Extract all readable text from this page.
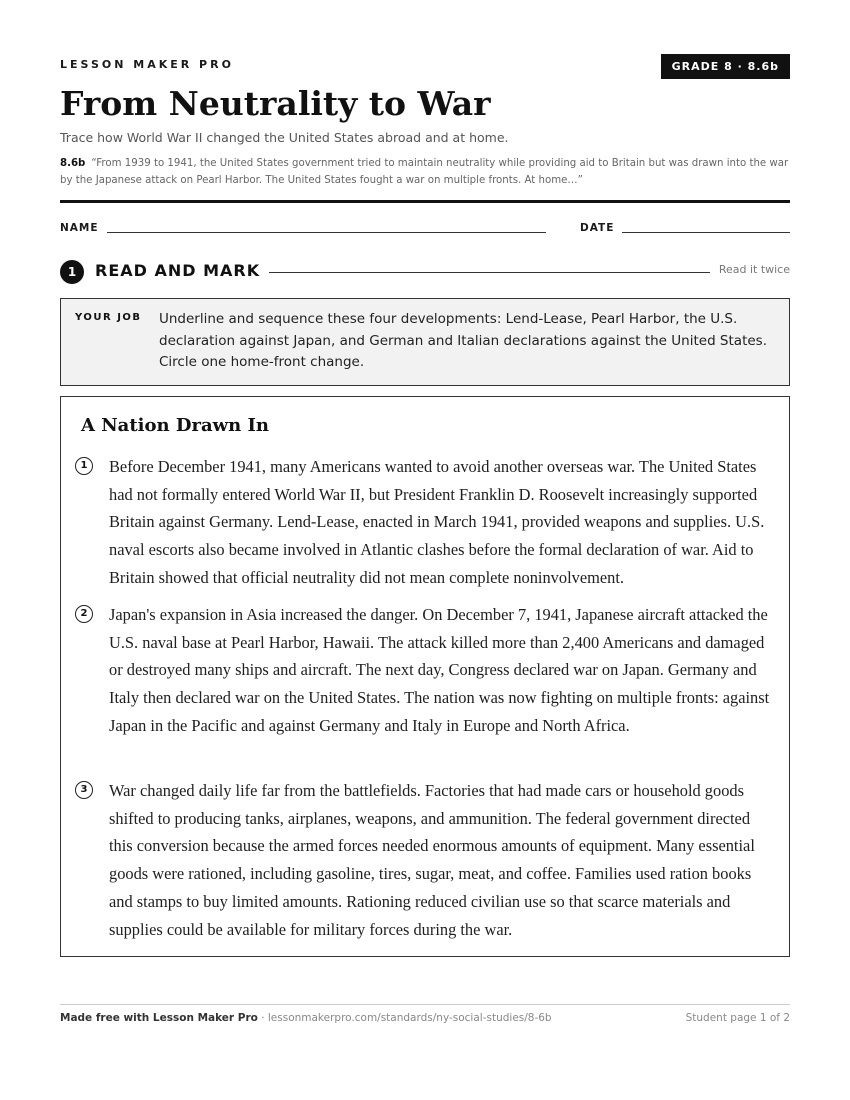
LESSON MAKER PRO	GRADE 8 · 8.6b
From Neutrality to War
Trace how World War II changed the United States abroad and at home.
8.6b “From 1939 to 1941, the United States government tried to maintain neutrality while providing aid to Britain but was drawn into the war by the Japanese attack on Pearl Harbor. The United States fought a war on multiple fronts. At home…”
NAME	DATE
1	READ AND MARK	Read it twice
YOUR JOB Underline and sequence these four developments: Lend-Lease, Pearl Harbor, the U.S. declaration against Japan, and German and Italian declarations against the United States. Circle one home-front change.
A Nation Drawn In
1	Before December 1941, many Americans wanted to avoid another overseas war. The United States had not formally entered World War II, but President Franklin D. Roosevelt increasingly supported Britain against Germany. Lend-Lease, enacted in March 1941, provided weapons and supplies. U.S. naval escorts also became involved in Atlantic clashes before the formal declaration of war. Aid to Britain showed that official neutrality did not mean complete noninvolvement.

2	Japan's expansion in Asia increased the danger. On December 7, 1941, Japanese aircraft attacked the U.S. naval base at Pearl Harbor, Hawaii. The attack killed more than 2,400 Americans and damaged or destroyed many ships and aircraft. The next day, Congress declared war on Japan. Germany and Italy then declared war on the United States. The nation was now fighting on multiple fronts: against Japan in the Pacific and against Germany and Italy in Europe and North Africa.

3	War changed daily life far from the battlefields. Factories that had made cars or household goods shifted to producing tanks, airplanes, weapons, and ammunition. The federal government directed this conversion because the armed forces needed enormous amounts of equipment. Many essential goods were rationed, including gasoline, tires, sugar, meat, and coffee. Families used ration books and stamps to buy limited amounts. Rationing reduced civilian use so that scarce materials and supplies could be available for military forces during the war.

Made free with Lesson Maker Pro · lessonmakerpro.com/standards/ny-social-studies/8-6b	Student page 1 of 2
